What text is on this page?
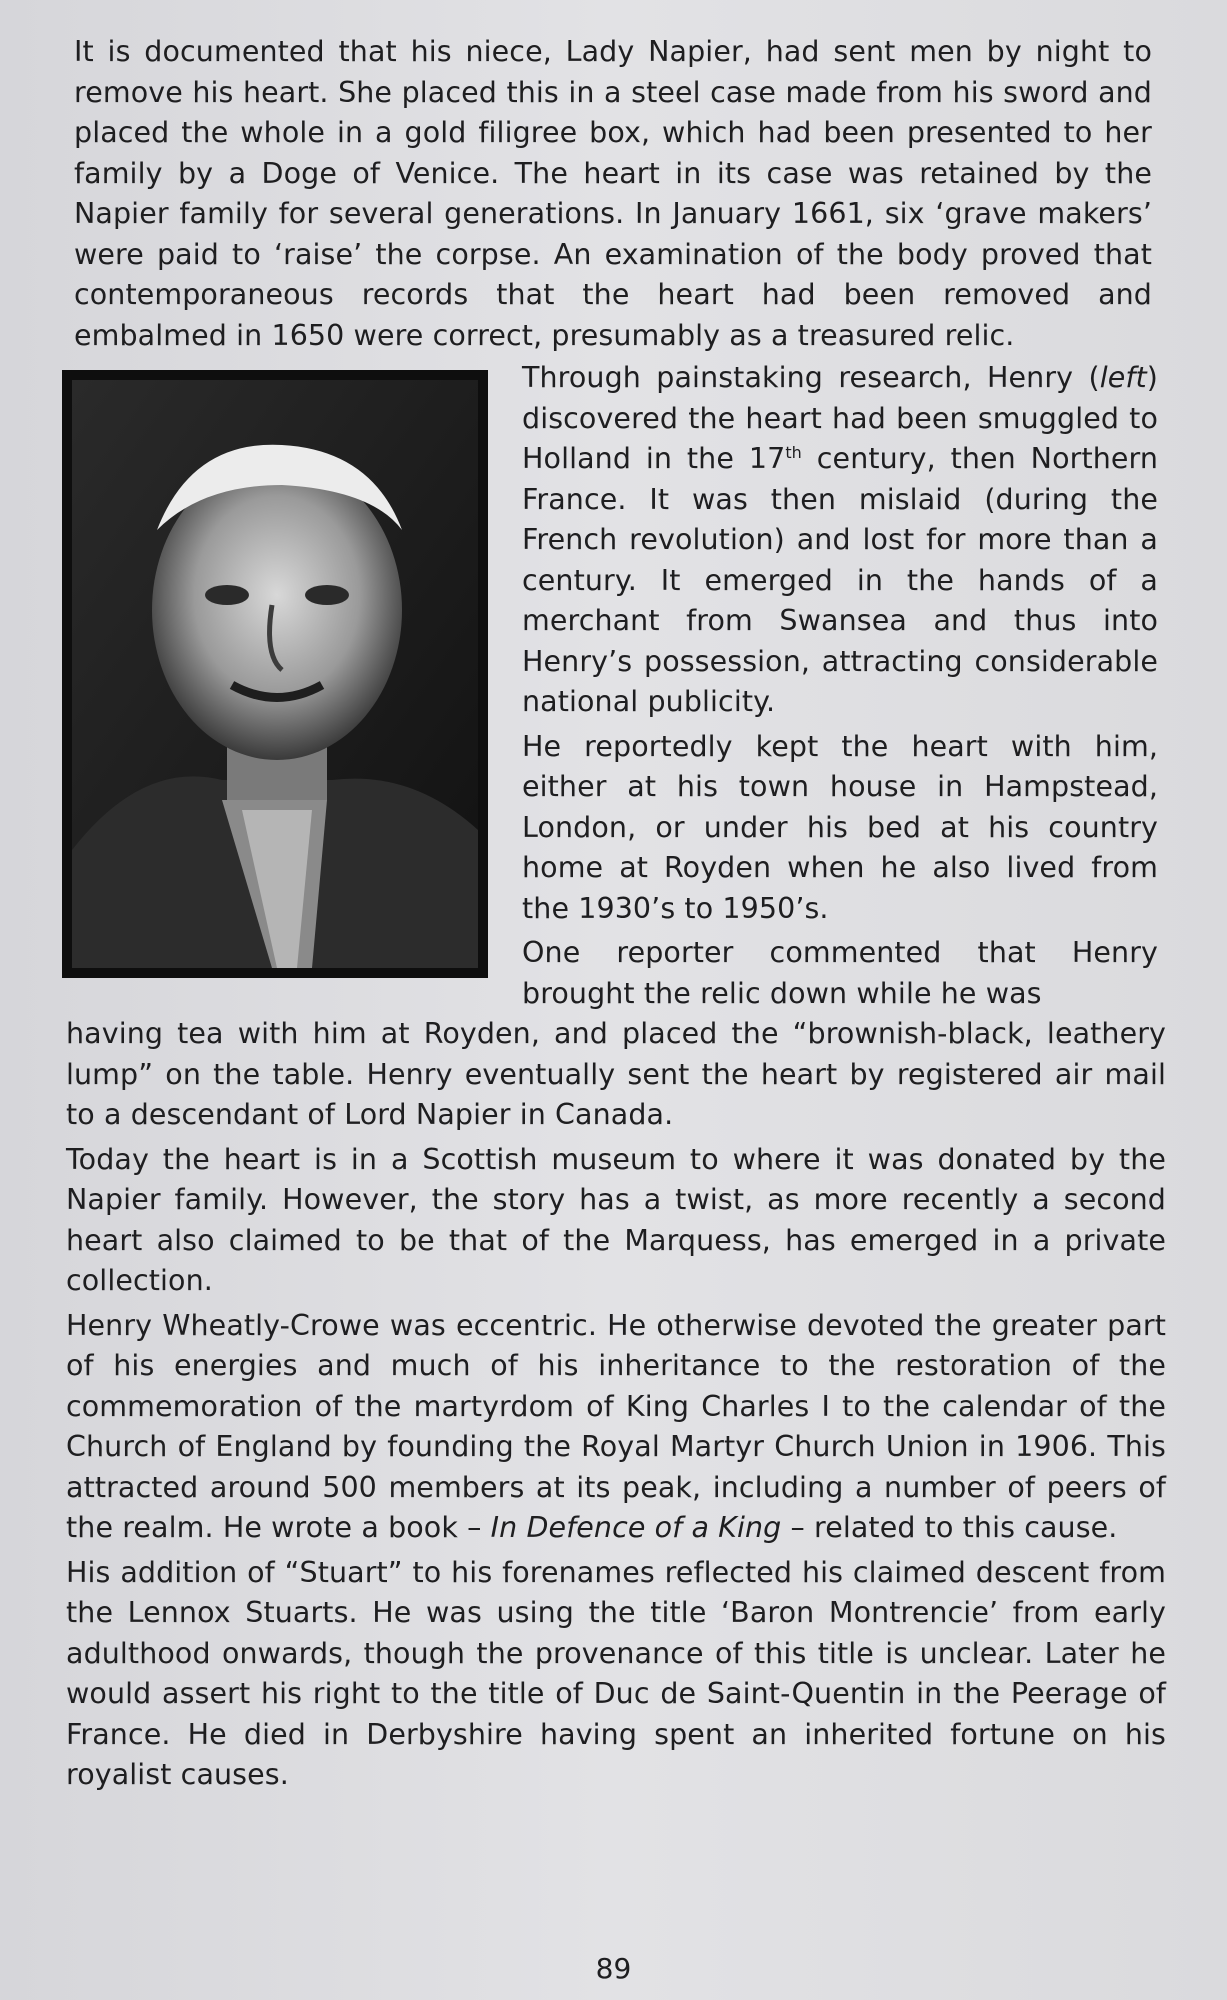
It is documented that his niece, Lady Napier, had sent men by night to remove his heart. She placed this in a steel case made from his sword and placed the whole in a gold filigree box, which had been presented to her family by a Doge of Venice. The heart in its case was retained by the Napier family for several generations. In January 1661, six ‘grave makers’ were paid to ‘raise’ the corpse. An examination of the body proved that contemporaneous records that the heart had been removed and embalmed in 1650 were correct, presumably as a treasured relic.

Through painstaking research, Henry (left) discovered the heart had been smuggled to Holland in the 17th century, then Northern France. It was then mislaid (during the French revolution) and lost for more than a century. It emerged in the hands of a merchant from Swansea and thus into Henry’s possession, attracting considerable national publicity.

He reportedly kept the heart with him, either at his town house in Hampstead, London, or under his bed at his country home at Royden when he also lived from the 1930’s to 1950’s.

One reporter commented that Henry brought the relic down while he was

having tea with him at Royden, and placed the “brownish-black, leathery lump” on the table. Henry eventually sent the heart by registered air mail to a descendant of Lord Napier in Canada.

Today the heart is in a Scottish museum to where it was donated by the Napier family. However, the story has a twist, as more recently a second heart also claimed to be that of the Marquess, has emerged in a private collection.

Henry Wheatly-Crowe was eccentric. He otherwise devoted the greater part of his energies and much of his inheritance to the restoration of the commemoration of the martyrdom of King Charles I to the calendar of the Church of England by founding the Royal Martyr Church Union in 1906. This attracted around 500 members at its peak, including a number of peers of the realm. He wrote a book – In Defence of a King – related to this cause.

His addition of “Stuart” to his forenames reflected his claimed descent from the Lennox Stuarts. He was using the title ‘Baron Montrencie’ from early adulthood onwards, though the provenance of this title is unclear. Later he would assert his right to the title of Duc de Saint-Quentin in the Peerage of France. He died in Derbyshire having spent an inherited fortune on his royalist causes.

89
